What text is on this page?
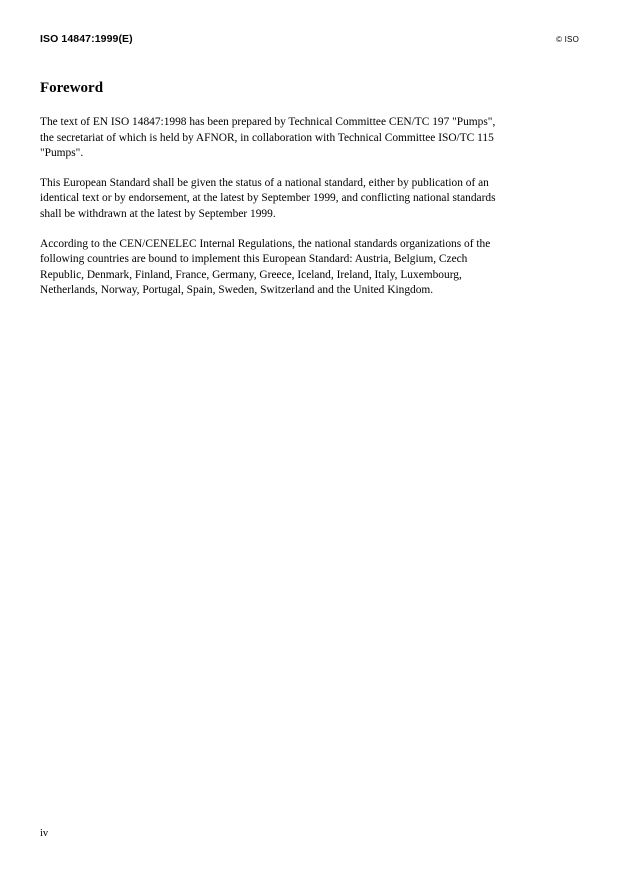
ISO 14847:1999(E)	© ISO
Foreword

The text of EN ISO 14847:1998 has been prepared by Technical Committee CEN/TC 197 "Pumps", the secretariat of which is held by AFNOR, in collaboration with Technical Committee ISO/TC 115 "Pumps".

This European Standard shall be given the status of a national standard, either by publication of an identical text or by endorsement, at the latest by September 1999, and conflicting national standards shall be withdrawn at the latest by September 1999.

According to the CEN/CENELEC Internal Regulations, the national standards organizations of the following countries are bound to implement this European Standard: Austria, Belgium, Czech Republic, Denmark, Finland, France, Germany, Greece, Iceland, Ireland, Italy, Luxembourg, Netherlands, Norway, Portugal, Spain, Sweden, Switzerland and the United Kingdom.

iv
